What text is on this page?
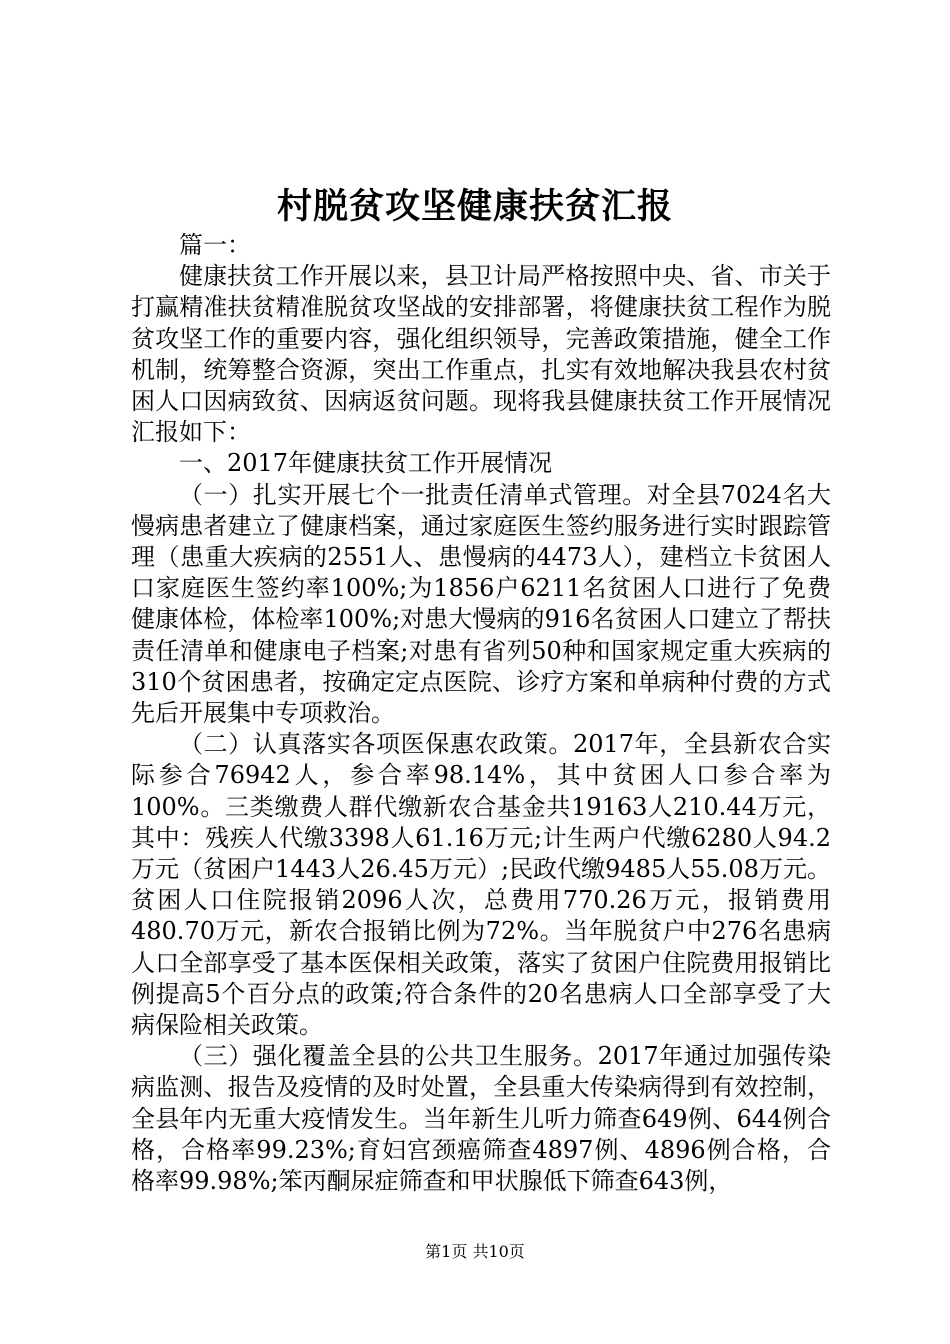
村脱贫攻坚健康扶贫汇报

篇一：

健康扶贫工作开展以来，县卫计局严格按照中央、省、市关于打赢精准扶贫精准脱贫攻坚战的安排部署，将健康扶贫工程作为脱贫攻坚工作的重要内容，强化组织领导，完善政策措施，健全工作机制，统筹整合资源，突出工作重点，扎实有效地解决我县农村贫困人口因病致贫、因病返贫问题。现将我县健康扶贫工作开展情况汇报如下：

一、2017年健康扶贫工作开展情况

（一）扎实开展七个一批责任清单式管理。对全县7024名大慢病患者建立了健康档案，通过家庭医生签约服务进行实时跟踪管理（患重大疾病的2551人、患慢病的4473人），建档立卡贫困人口家庭医生签约率100%;为1856户6211名贫困人口进行了免费健康体检，体检率100%;对患大慢病的916名贫困人口建立了帮扶责任清单和健康电子档案;对患有省列50种和国家规定重大疾病的310个贫困患者，按确定定点医院、诊疗方案和单病种付费的方式先后开展集中专项救治。

（二）认真落实各项医保惠农政策。2017年，全县新农合实际参合76942人，参合率98.14%，其中贫困人口参合率为100%。三类缴费人群代缴新农合基金共19163人210.44万元，其中：残疾人代缴3398人61.16万元;计生两户代缴6280人94.2万元（贫困户1443人26.45万元）;民政代缴9485人55.08万元。贫困人口住院报销2096人次，总费用770.26万元，报销费用480.70万元，新农合报销比例为72%。当年脱贫户中276名患病人口全部享受了基本医保相关政策，落实了贫困户住院费用报销比例提高5个百分点的政策;符合条件的20名患病人口全部享受了大病保险相关政策。

（三）强化覆盖全县的公共卫生服务。2017年通过加强传染病监测、报告及疫情的及时处置，全县重大传染病得到有效控制，全县年内无重大疫情发生。当年新生儿听力筛查649例、644例合格，合格率99.23%;育妇宫颈癌筛查4897例、4896例合格，合格率99.98%;笨丙酮尿症筛查和甲状腺低下筛查643例，

第1页 共10页
